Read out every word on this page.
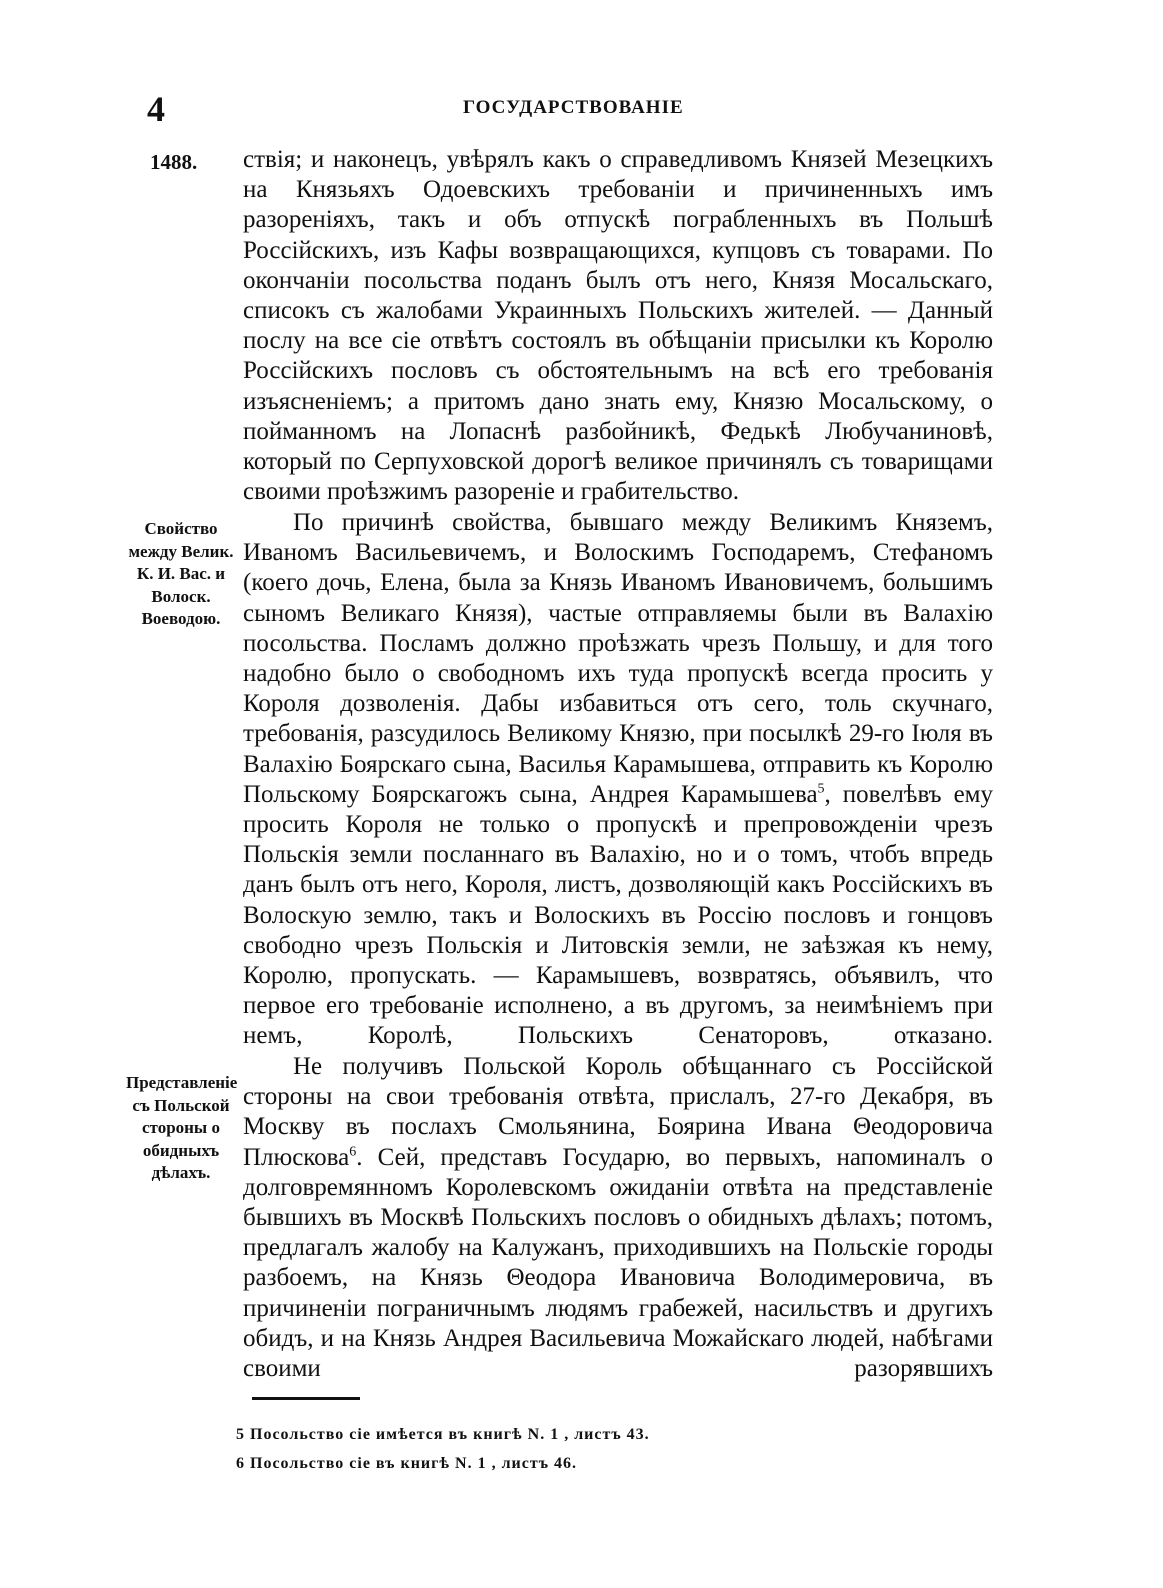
4	ГОСУДАРСТВОВАНІЕ
1488. ствія; и наконецъ, увѣрялъ какъ о справедливомъ Князей Мезецкихъ на Князьяхъ Одоевскихъ требованіи и причиненныхъ имъ разореніяхъ, такъ и объ отпускѣ пограбленныхъ въ Польшѣ Россійскихъ, изъ Кафы возвращающихся, купцовъ съ товарами. По окончаніи посольства поданъ былъ отъ него, Князя Мосальскаго, списокъ съ жалобами Украинныхъ Польскихъ жителей. — Данный послу на все сіе отвѣтъ состоялъ въ обѣщаніи присылки къ Королю Россійскихъ пословъ съ обстоятельнымъ на всѣ его требованія изъясненіемъ; а притомъ дано знать ему, Князю Мосальскому, о пойманномъ на Лопаснѣ разбойникѣ, Федькѣ Любучаниновѣ, который по Серпуховской дорогѣ великое причинялъ съ товарищами своими проѣзжимъ разореніе и грабительство.

Свойство между Велик. К. И. Вас. и Волоск. Воеводою.

По причинѣ свойства, бывшаго между Великимъ Княземъ, Иваномъ Васильевичемъ, и Волоскимъ Господаремъ, Стефаномъ (коего дочь, Елена, была за Князь Иваномъ Ивановичемъ, большимъ сыномъ Великаго Князя), частые отправляемы были въ Валахію посольства. Посламъ должно проѣзжать чрезъ Польшу, и для того надобно было о свободномъ ихъ туда пропускѣ всегда просить у Короля дозволенія. Дабы избавиться отъ сего, толь скучнаго, требованія, разсудилось Великому Князю, при посылкѣ 29-го Іюля въ Валахію Боярскаго сына, Василья Карамышева, отправить къ Королю Польскому Боярскагожъ сына, Андрея Карамышева$^5$, повелѣвъ ему просить Короля не только о пропускѣ и препровожденіи чрезъ Польскія земли посланнаго въ Валахію, но и о томъ, чтобъ впредь данъ былъ отъ него, Короля, листъ, дозволяющій какъ Россійскихъ въ Волоскую землю, такъ и Волоскихъ въ Россію пословъ и гонцовъ свободно чрезъ Польскія и Литовскія земли, не заѣзжая къ нему, Королю, пропускать. — Карамышевъ, возвратясь, объявилъ, что первое его требованіе исполнено, а въ другомъ, за неимѣніемъ при немъ, Королѣ, Польскихъ Сенаторовъ, отказано.

Представленіе съ Польской стороны о обидныхъ дѣлахъ.

Не получивъ Польской Король обѣщаннаго съ Россійской стороны на свои требованія отвѣта, прислалъ, 27-го Декабря, въ Москву въ послахъ Смольянина, Боярина Ивана Θеодоровича Плюскова$^6$. Сей, представъ Государю, во первыхъ, напоминалъ о долговремянномъ Королевскомъ ожиданіи отвѣта на представленіе бывшихъ въ Москвѣ Польскихъ пословъ о обидныхъ дѣлахъ; потомъ, предлагалъ жалобу на Калужанъ, приходившихъ на Польскіе городы разбоемъ, на Князь Θеодора Ивановича Володимеровича, въ причиненіи пограничнымъ людямъ грабежей, насильствъ и другихъ обидъ, и на Князь Андрея Васильевича Можайскаго людей, набѣгами своими разорявшихъ

5 Посольство сіе имѣется въ книгѣ N. 1 , листъ 43.
6 Посольство сіе въ книгѣ N. 1 , листъ 46.
